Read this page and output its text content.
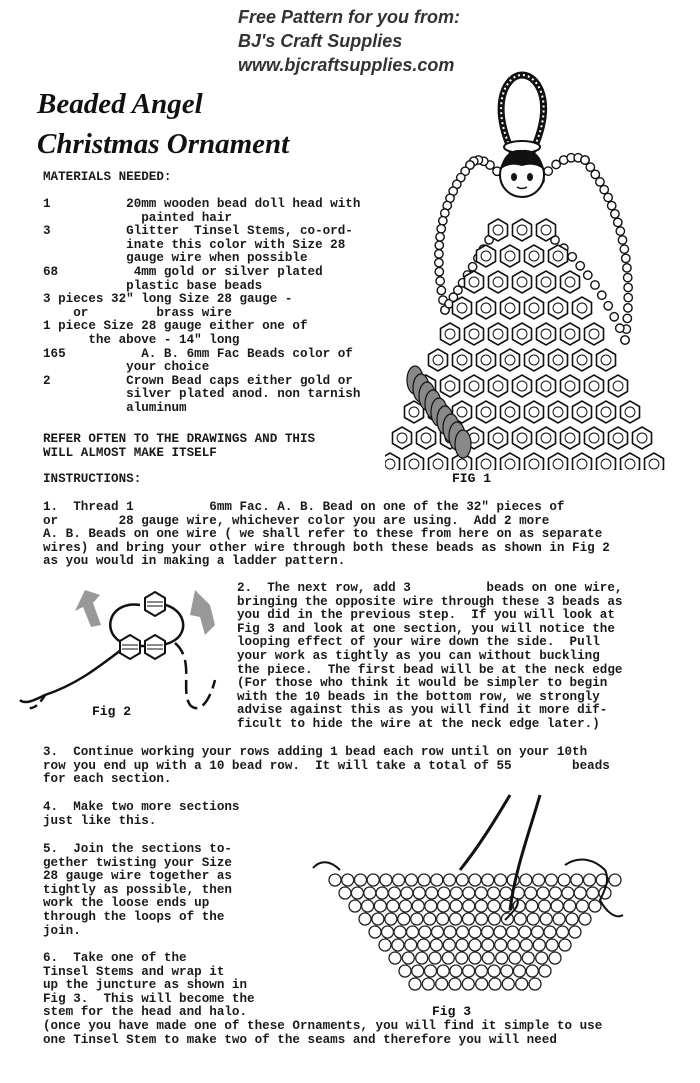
Free Pattern for you from:
BJ's Craft Supplies
www.bjcraftsupplies.com
Beaded Angel
Christmas Ornament
MATERIALS NEEDED:
1          20mm wooden bead doll head with
painted hair
3          Glitter  Tinsel Stems, co-ord-
inate this color with Size 28
gauge wire when possible
68          4mm gold or silver plated
plastic base beads
3 pieces 32" long Size 28 gauge -
or         brass wire
1 piece Size 28 gauge either one of
the above - 14" long
165          A. B. 6mm Fac Beads color of
your choice
2          Crown Bead caps either gold or
silver plated anod. non tarnish
aluminum
REFER OFTEN TO THE DRAWINGS AND THIS
WILL ALMOST MAKE ITSELF
INSTRUCTIONS:	FIG 1
1.  Thread 1          6mm Fac. A. B. Bead on one of the 32" pieces of
or        28 gauge wire, whichever color you are using.  Add 2 more
A. B. Beads on one wire ( we shall refer to these from here on as separate
wires) and bring your other wire through both these beads as shown in Fig 2
as you would in making a ladder pattern.
Fig 2
2.  The next row, add 3          beads on one wire,
bringing the opposite wire through these 3 beads as
you did in the previous step.  If you will look at
Fig 3 and look at one section, you will notice the
looping effect of your wire down the side.  Pull
your work as tightly as you can without buckling
the piece.  The first bead will be at the neck edge
(For those who think it would be simpler to begin
with the 10 beads in the bottom row, we strongly
advise against this as you will find it more dif-
ficult to hide the wire at the neck edge later.)
3.  Continue working your rows adding 1 bead each row until on your 10th
row you end up with a 10 bead row.  It will take a total of 55        beads
for each section.
4.  Make two more sections
just like this.
5.  Join the sections to-
gether twisting your Size
28 gauge wire together as
tightly as possible, then
work the loose ends up
through the loops of the
join.
6.  Take one of the
Tinsel Stems and wrap it
up the juncture as shown in
Fig 3.  This will become the
stem for the head and halo.	Fig 3
(once you have made one of these Ornaments, you will find it simple to use
one Tinsel Stem to make two of the seams and therefore you will need
